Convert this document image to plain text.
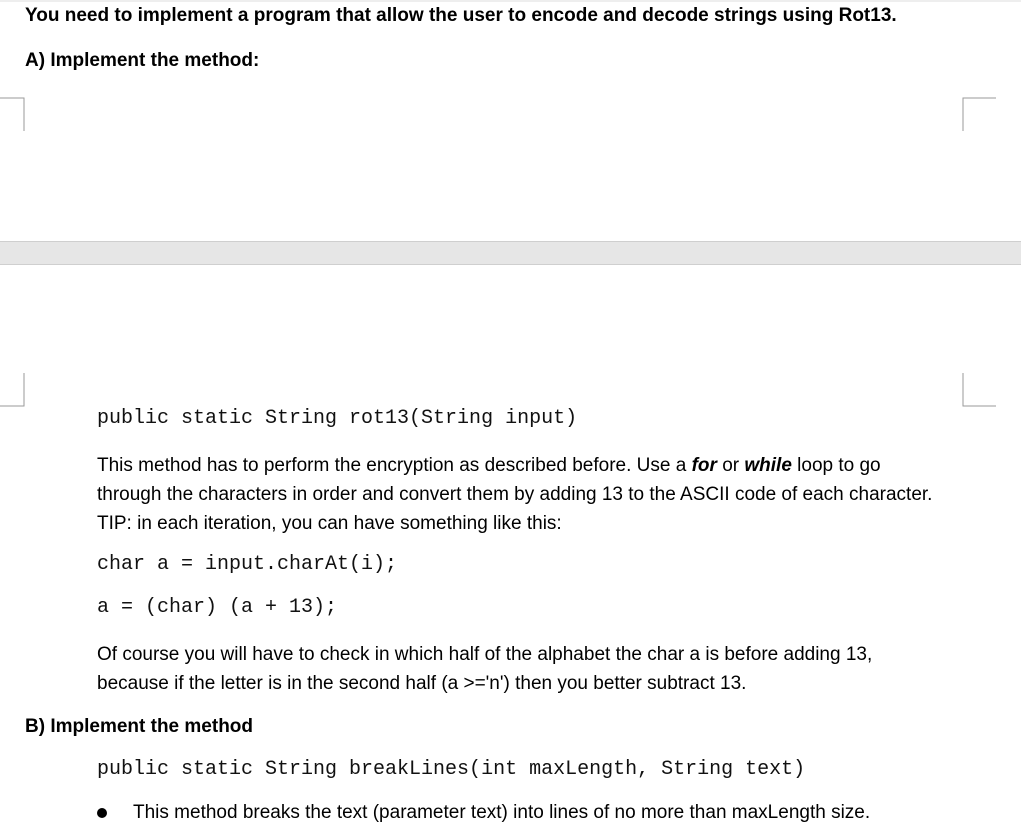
You need to implement a program that allow the user to encode and decode strings using Rot13.
A) Implement the method:
public static String rot13(String input)
This method has to perform the encryption as described before. Use a for or while loop to go through the characters in order and convert them by adding 13 to the ASCII code of each character. TIP: in each iteration, you can have something like this:
char a = input.charAt(i);
a = (char) (a + 13);
Of course you will have to check in which half of the alphabet the char a is before adding 13, because if the letter is in the second half (a >='n') then you better subtract 13.
B) Implement the method
public static String breakLines(int maxLength, String text)
This method breaks the text (parameter text) into lines of no more than maxLength size.
